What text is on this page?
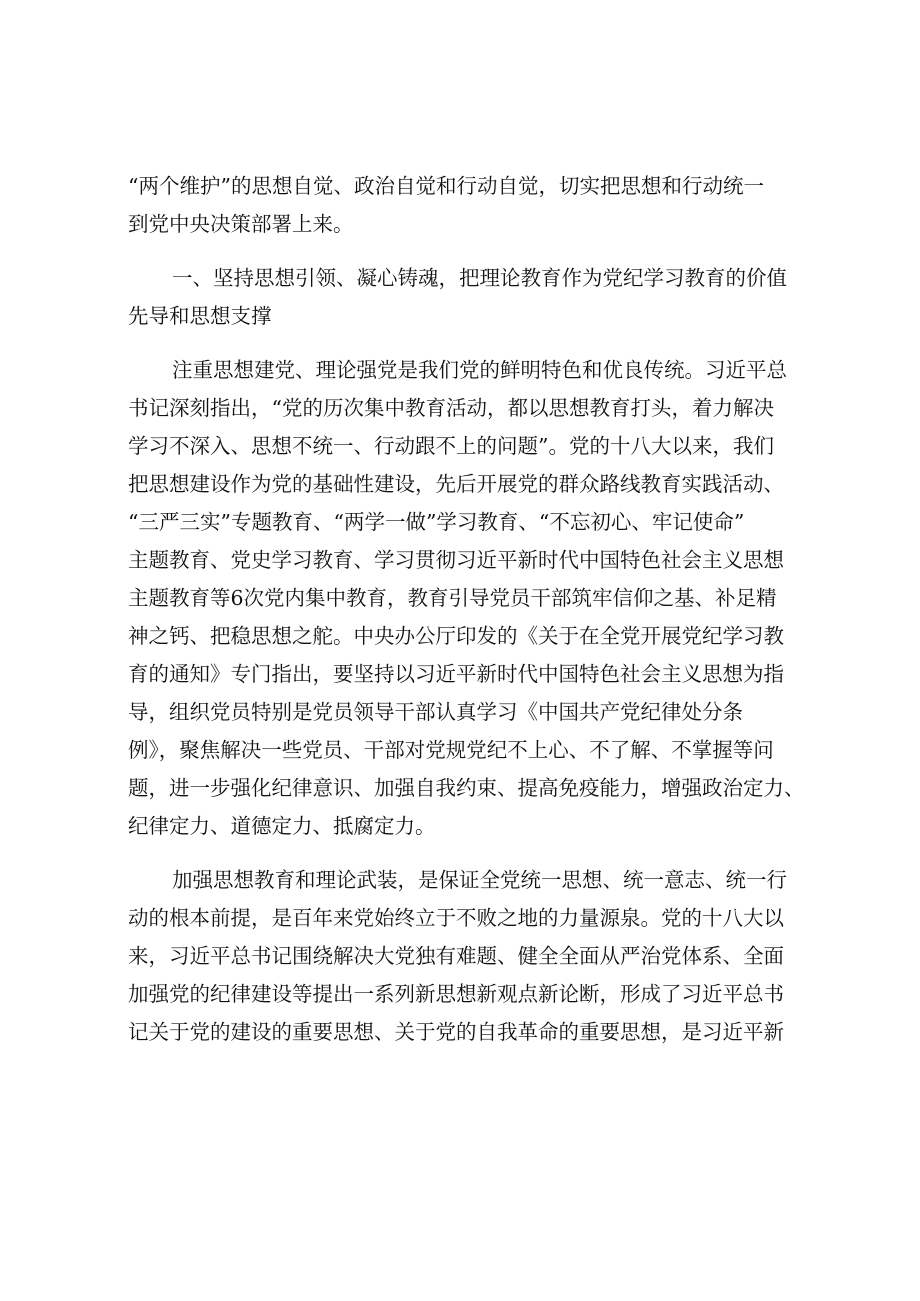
“两个维护”的思想自觉、政治自觉和行动自觉，切实把思想和行动统一
到党中央决策部署上来。
一、坚持思想引领、凝心铸魂，把理论教育作为党纪学习教育的价值
先导和思想支撑
注重思想建党、理论强党是我们党的鲜明特色和优良传统。习近平总
书记深刻指出，“党的历次集中教育活动，都以思想教育打头，着力解决
学习不深入、思想不统一、行动跟不上的问题”。党的十八大以来，我们
把思想建设作为党的基础性建设，先后开展党的群众路线教育实践活动、
“三严三实”专题教育、“两学一做”学习教育、“不忘初心、牢记使命”
主题教育、党史学习教育、学习贯彻习近平新时代中国特色社会主义思想
主题教育等6次党内集中教育，教育引导党员干部筑牢信仰之基、补足精
神之钙、把稳思想之舵。中央办公厅印发的《关于在全党开展党纪学习教
育的通知》专门指出，要坚持以习近平新时代中国特色社会主义思想为指
导，组织党员特别是党员领导干部认真学习《中国共产党纪律处分条
例》，聚焦解决一些党员、干部对党规党纪不上心、不了解、不掌握等问
题，进一步强化纪律意识、加强自我约束、提高免疫能力，增强政治定力、
纪律定力、道德定力、抵腐定力。
加强思想教育和理论武装，是保证全党统一思想、统一意志、统一行
动的根本前提，是百年来党始终立于不败之地的力量源泉。党的十八大以
来，习近平总书记围绕解决大党独有难题、健全全面从严治党体系、全面
加强党的纪律建设等提出一系列新思想新观点新论断，形成了习近平总书
记关于党的建设的重要思想、关于党的自我革命的重要思想，是习近平新
